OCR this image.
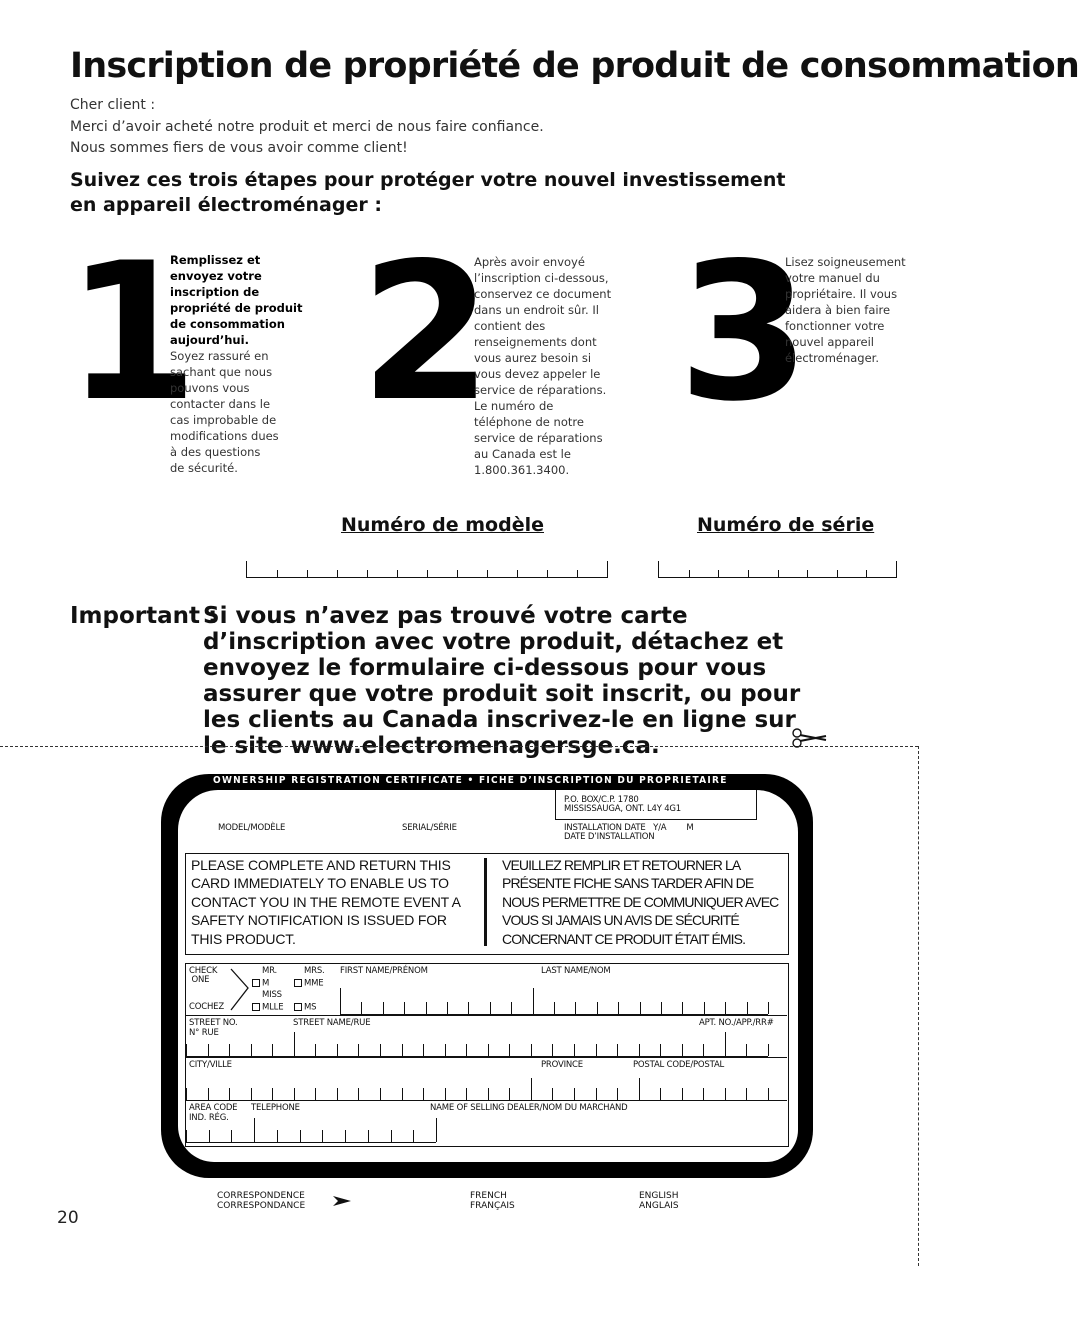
Inscription de propriété de produit de consommation
Cher client :
Merci d’avoir acheté notre produit et merci de nous faire confiance.
Nous sommes fiers de vous avoir comme client!
Suivez ces trois étapes pour protéger votre nouvel investissement
en appareil électroménager :
1
Remplissez et
envoyez votre
inscription de
propriété de produit
de consommation
aujourd’hui.
Soyez rassuré en
sachant que nous
pouvons vous
contacter dans le
cas improbable de
modifications dues
à des questions
de sécurité.
2
Après avoir envoyé
l’inscription ci-dessous,
conservez ce document
dans un endroit sûr. Il
contient des
renseignements dont
vous aurez besoin si
vous devez appeler le
service de réparations.
Le numéro de
téléphone de notre
service de réparations
au Canada est le
1.800.361.3400.
3
Lisez soigneusement
votre manuel du
propriétaire. Il vous
aidera à bien faire
fonctionner votre
nouvel appareil
électroménager.
Numéro de modèle	Numéro de série
Important :
Si vous n’avez pas trouvé votre carte d’inscription avec votre produit, détachez et envoyez le formulaire ci-dessous pour vous assurer que votre produit soit inscrit, ou pour les clients au Canada inscrivez-le en ligne sur le site www.electromenagersge.ca.
OWNERSHIP REGISTRATION CERTIFICATE • FICHE D’INSCRIPTION DU PROPRIETAIRE
P.O. BOX/C.P. 1780
MISSISSAUGA, ONT. L4Y 4G1
MODEL/MODÈLE	SERIAL/SÉRIE	INSTALLATION DATE   Y/A        M
DATE D’INSTALLATION
PLEASE COMPLETE AND RETURN THIS
CARD IMMEDIATELY TO ENABLE US TO
CONTACT YOU IN THE REMOTE EVENT A
SAFETY NOTIFICATION IS ISSUED FOR
THIS PRODUCT.
VEUILLEZ REMPLIR ET RETOURNER LA
PRÉSENTE FICHE SANS TARDER AFIN DE
NOUS PERMETTRE DE COMMUNIQUER AVEC
VOUS SI JAMAIS UN AVIS DE SÉCURITÉ
CONCERNANT CE PRODUIT ÉTAIT ÉMIS.
CHECK
ONE
COCHEZ
MR.	MRS.
M	MME
MISS
MLLE	MS
FIRST NAME/PRÉNOM	LAST NAME/NOM
STREET NO.
N° RUE
STREET NAME/RUE	APT. NO./APP./RR#
CITY/VILLE	PROVINCE	POSTAL CODE/POSTAL
AREA CODE
IND. RÉG.
TELEPHONE	NAME OF SELLING DEALER/NOM DU MARCHAND
CORRESPONDENCE
CORRESPONDANCE
FRENCH
FRANÇAIS
ENGLISH
ANGLAIS
20
